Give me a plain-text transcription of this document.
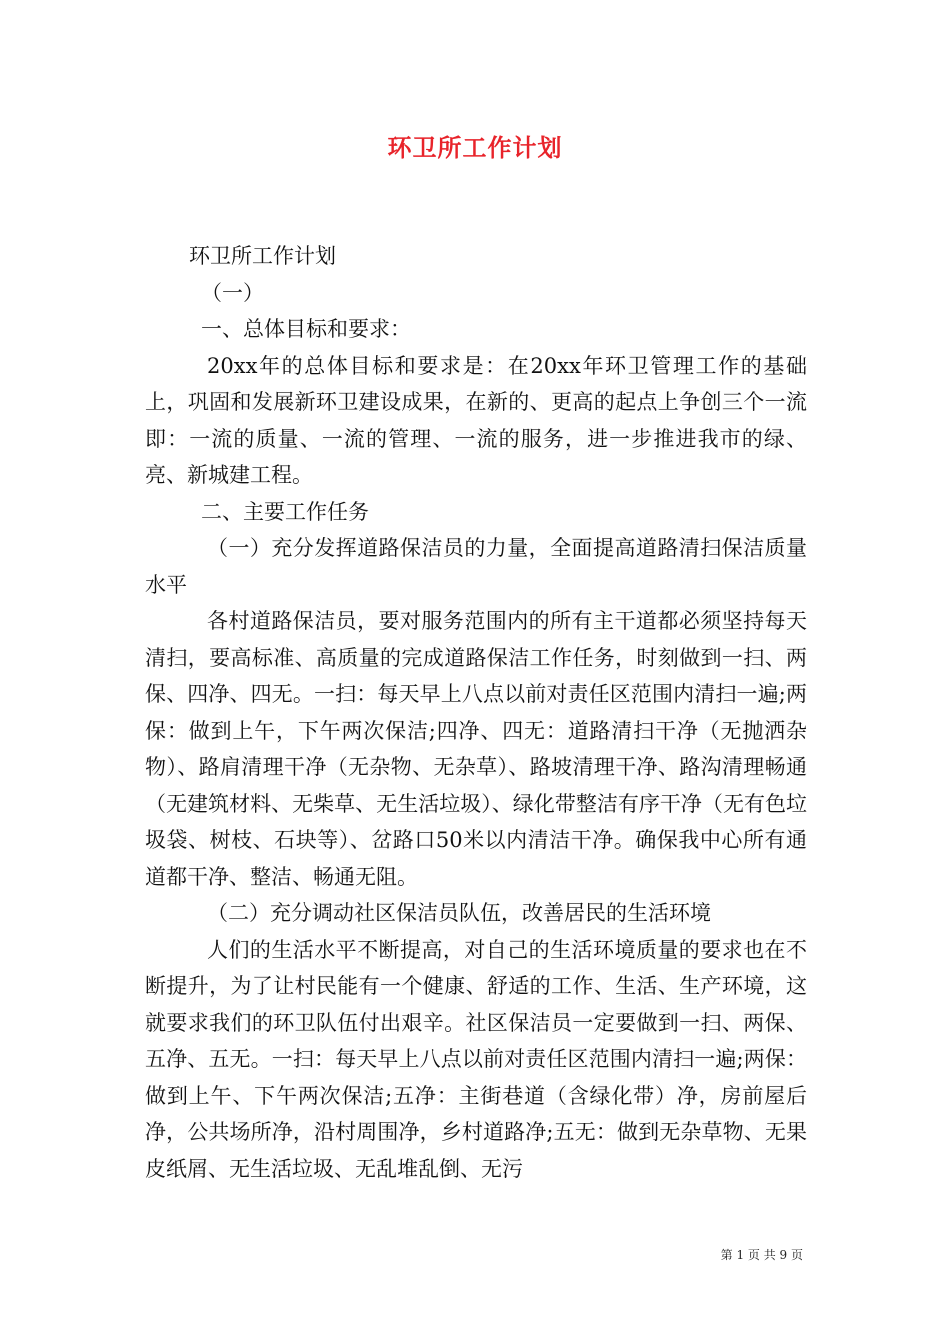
环卫所工作计划

环卫所工作计划

（一）

一、总体目标和要求：

20xx年的总体目标和要求是：在20xx年环卫管理工作的基础上，巩固和发展新环卫建设成果，在新的、更高的起点上争创三个一流即：一流的质量、一流的管理、一流的服务，进一步推进我市的绿、亮、新城建工程。

二、主要工作任务

（一）充分发挥道路保洁员的力量，全面提高道路清扫保洁质量水平

各村道路保洁员，要对服务范围内的所有主干道都必须坚持每天清扫，要高标准、高质量的完成道路保洁工作任务，时刻做到一扫、两保、四净、四无。一扫：每天早上八点以前对责任区范围内清扫一遍;两保：做到上午，下午两次保洁;四净、四无：道路清扫干净（无抛洒杂物）、路肩清理干净（无杂物、无杂草）、路坡清理干净、路沟清理畅通（无建筑材料、无柴草、无生活垃圾）、绿化带整洁有序干净（无有色垃圾袋、树枝、石块等）、岔路口50米以内清洁干净。确保我中心所有通道都干净、整洁、畅通无阻。

（二）充分调动社区保洁员队伍，改善居民的生活环境

人们的生活水平不断提高，对自己的生活环境质量的要求也在不断提升，为了让村民能有一个健康、舒适的工作、生活、生产环境，这就要求我们的环卫队伍付出艰辛。社区保洁员一定要做到一扫、两保、五净、五无。一扫：每天早上八点以前对责任区范围内清扫一遍;两保：做到上午、下午两次保洁;五净：主街巷道（含绿化带）净，房前屋后净，公共场所净，沿村周围净，乡村道路净;五无：做到无杂草物、无果皮纸屑、无生活垃圾、无乱堆乱倒、无污

第 1 页 共 9 页
